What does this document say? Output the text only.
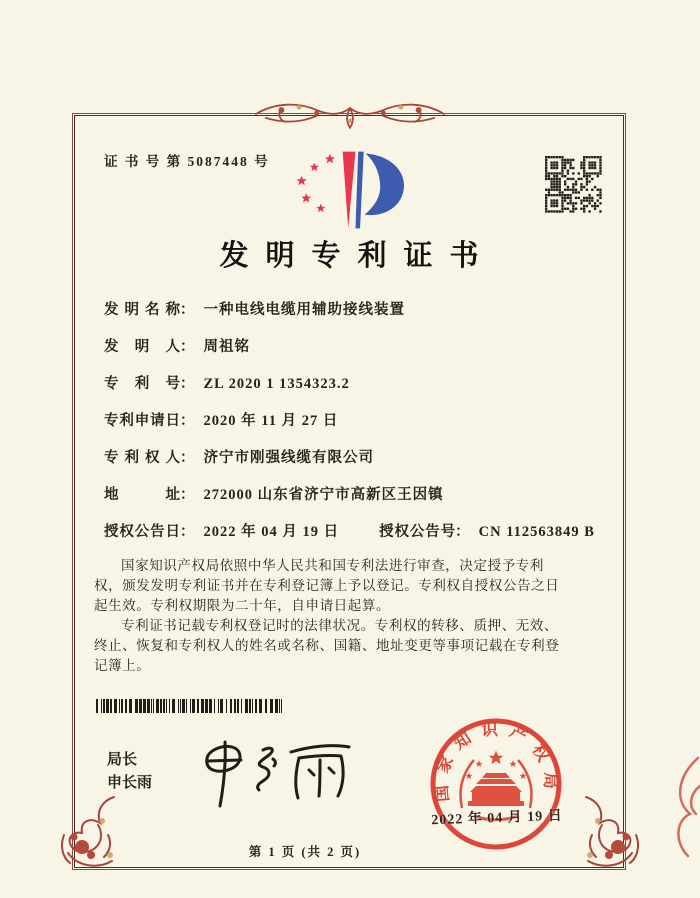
证 书 号 第 5087448 号
发明专利证书
发明名称： 一种电线电缆用辅助接线装置
发明人： 周祖铭
专利号： ZL 2020 1 1354323.2
专利申请日： 2020 年 11 月 27 日
专利权人： 济宁市刚强线缆有限公司
地址： 272000 山东省济宁市高新区王因镇
授权公告日： 2022 年 04 月 19 日	授权公告号： CN 112563849 B

国家知识产权局依照中华人民共和国专利法进行审查，决定授予专利权，颁发发明专利证书并在专利登记簿上予以登记。专利权自授权公告之日起生效。专利权期限为二十年，自申请日起算。

专利证书记载专利权登记时的法律状况。专利权的转移、质押、无效、终止、恢复和专利权人的姓名或名称、国籍、地址变更等事项记载在专利登记簿上。

局长
申长雨	国家知识产权局
2022 年 04 月 19 日
第 1 页 (共 2 页)
